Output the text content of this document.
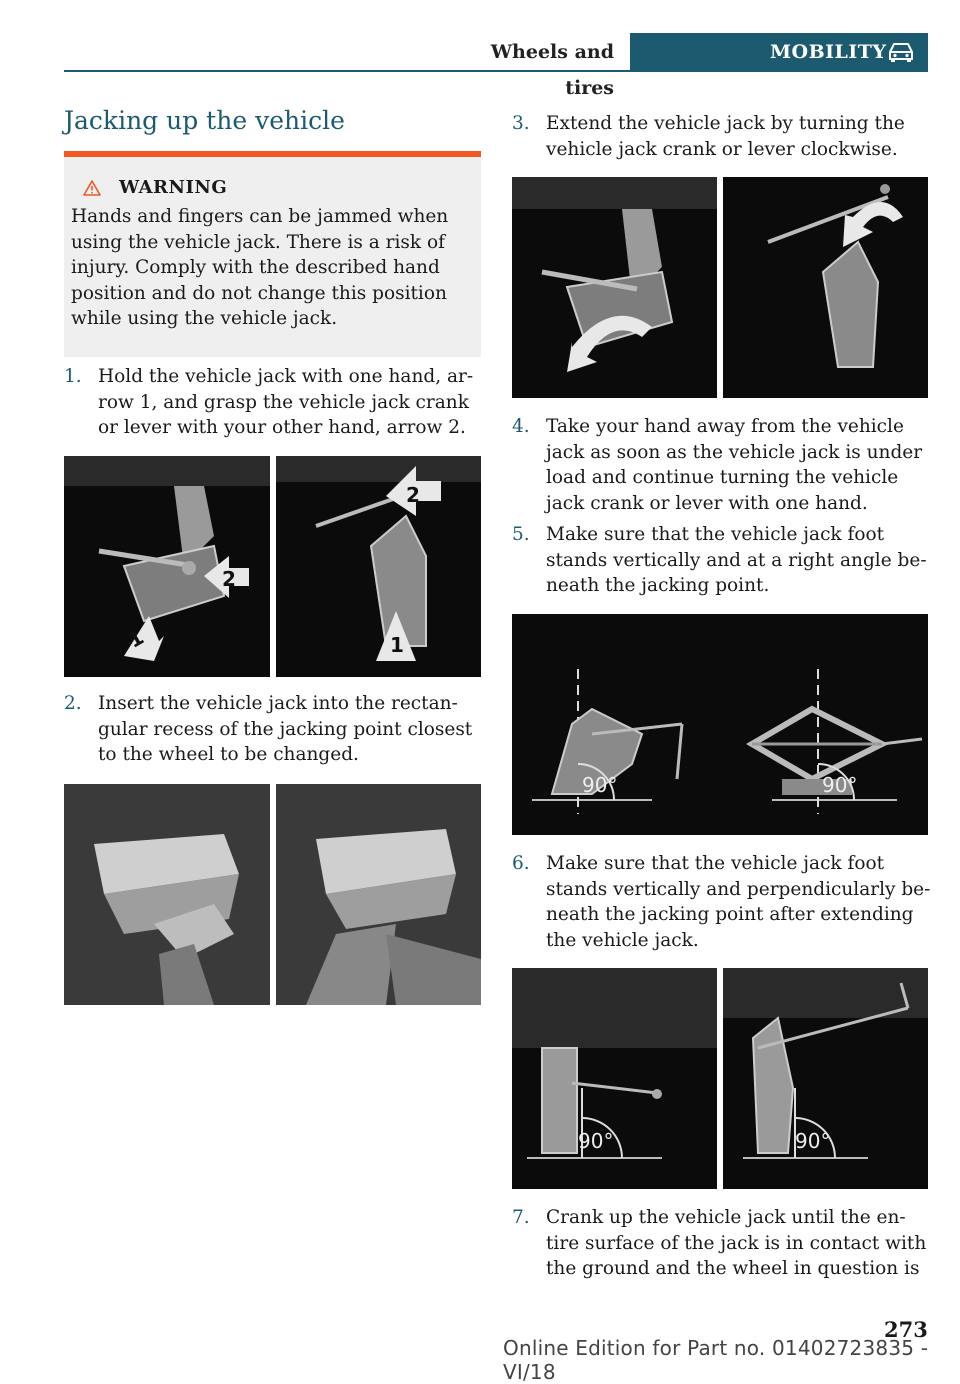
Wheels and tires
MOBILITY
Jacking up the vehicle
WARNING
Hands and fingers can be jammed when
using the vehicle jack. There is a risk of
injury. Comply with the described hand
position and do not change this position
while using the vehicle jack.
1. Hold the vehicle jack with one hand, ar-
row 1, and grasp the vehicle jack crank
or lever with your other hand, arrow 2.
2
1
2
1
2. Insert the vehicle jack into the rectan-
gular recess of the jacking point closest
to the wheel to be changed.
3. Extend the vehicle jack by turning the
vehicle jack crank or lever clockwise.
4. Take your hand away from the vehicle
jack as soon as the vehicle jack is under
load and continue turning the vehicle
jack crank or lever with one hand.
5. Make sure that the vehicle jack foot
stands vertically and at a right angle be-
neath the jacking point.
90°	90°
6. Make sure that the vehicle jack foot
stands vertically and perpendicularly be-
neath the jacking point after extending
the vehicle jack.
90°	90°
7. Crank up the vehicle jack until the en-
tire surface of the jack is in contact with
the ground and the wheel in question is
273
Online Edition for Part no. 01402723835 - VI/18
